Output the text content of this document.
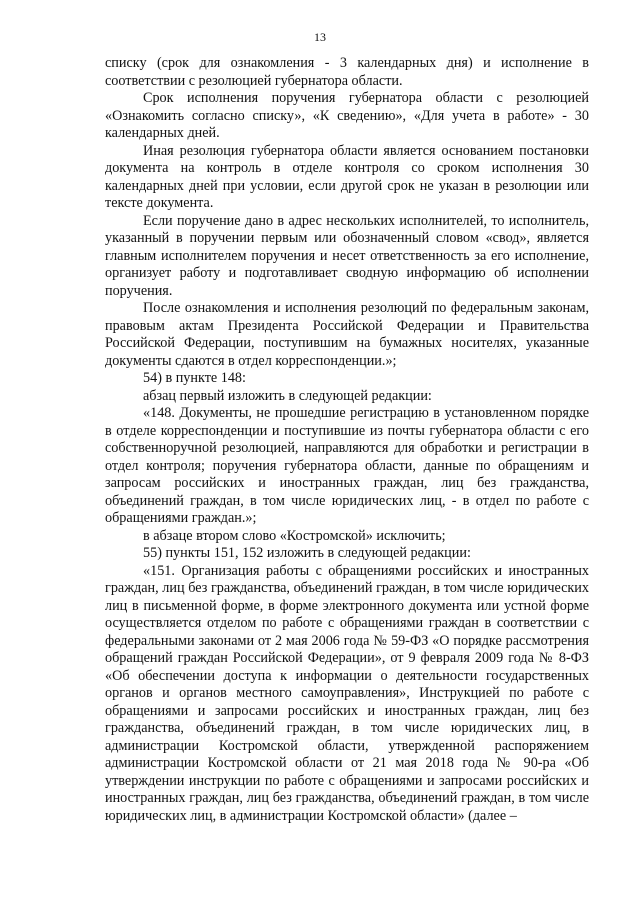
13

списку (срок для ознакомления - 3 календарных дня) и исполнение в соответствии с резолюцией губернатора области.

Срок исполнения поручения губернатора области с резолюцией «Ознакомить согласно списку», «К сведению», «Для учета в работе» - 30 календарных дней.

Иная резолюция губернатора области является основанием постановки документа на контроль в отделе контроля со сроком исполнения 30 календарных дней при условии, если другой срок не указан в резолюции или тексте документа.

Если поручение дано в адрес нескольких исполнителей, то исполнитель, указанный в поручении первым или обозначенный словом «свод», является главным исполнителем поручения и несет ответственность за его исполнение, организует работу и подготавливает сводную информацию об исполнении поручения.

После ознакомления и исполнения резолюций по федеральным законам, правовым актам Президента Российской Федерации и Правительства Российской Федерации, поступившим на бумажных носителях, указанные документы сдаются в отдел корреспонденции.»;

54) в пункте 148:

абзац первый изложить в следующей редакции:

«148. Документы, не прошедшие регистрацию в установленном порядке в отделе корреспонденции и поступившие из почты губернатора области с его собственноручной резолюцией, направляются для обработки и регистрации в отдел контроля; поручения губернатора области, данные по обращениям и запросам российских и иностранных граждан, лиц без гражданства, объединений граждан, в том числе юридических лиц, - в отдел по работе с обращениями граждан.»;

в абзаце втором слово «Костромской» исключить;

55) пункты 151, 152 изложить в следующей редакции:

«151. Организация работы с обращениями российских и иностранных граждан, лиц без гражданства, объединений граждан, в том числе юридических лиц в письменной форме, в форме электронного документа или устной форме осуществляется отделом по работе с обращениями граждан в соответствии с федеральными законами от 2 мая 2006 года № 59-ФЗ «О порядке рассмотрения обращений граждан Российской Федерации», от 9 февраля 2009 года № 8-ФЗ «Об обеспечении доступа к информации о деятельности государственных органов и органов местного самоуправления», Инструкцией по работе с обращениями и запросами российских и иностранных граждан, лиц без гражданства, объединений граждан, в том числе юридических лиц, в администрации Костромской области, утвержденной распоряжением администрации Костромской области от 21 мая 2018 года № 90-ра «Об утверждении инструкции по работе с обращениями и запросами российских и иностранных граждан, лиц без гражданства, объединений граждан, в том числе юридических лиц, в администрации Костромской области» (далее –
